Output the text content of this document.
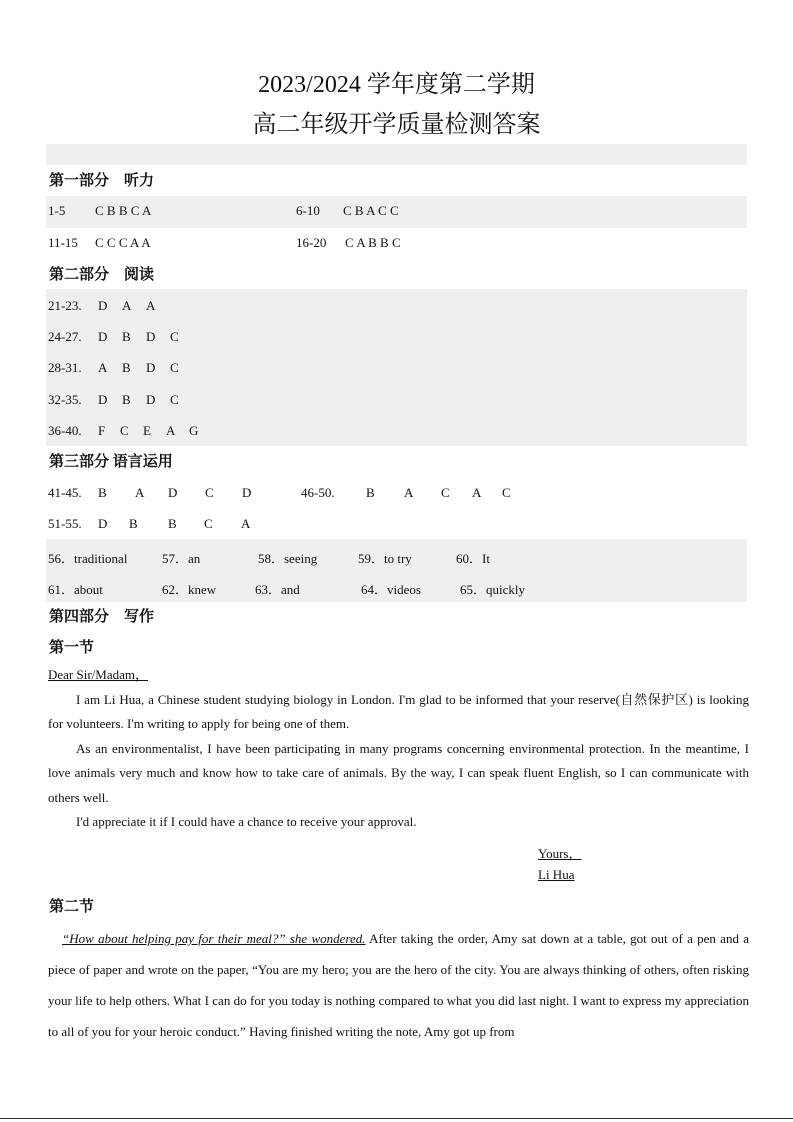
2023/2024 学年度第二学期
高二年级开学质量检测答案
第一部分　听力
1-5 C B B C A	6-10 C B A C C
11-15 C C C A A	16-20 C A B B C
第二部分　阅读
21-23. D A A
24-27. D B D C
28-31. A B D C
32-35. D B D C
36-40. F C E A G
第三部分 语言运用
41-45. B A D C D	46-50. B A C A C
51-55. D B B C A
56．traditional	57．an	58．seeing	59．to try	60．It
61．about	62．knew	63．and	64．videos	65．quickly
第四部分　写作
第一节

Dear Sir/Madam，

I am Li Hua, a Chinese student studying biology in London. I'm glad to be informed that your reserve(自然保护区) is looking for volunteers. I'm writing to apply for being one of them.

As an environmentalist, I have been participating in many programs concerning environmental protection. In the meantime, I love animals very much and know how to take care of animals. By the way, I can speak fluent English, so I can communicate with others well.

I'd appreciate it if I could have a chance to receive your approval.

Yours，
Li Hua
第二节
“How about helping pay for their meal?” she wondered. After taking the order, Amy sat down at a table, got out of a pen and a piece of paper and wrote on the paper, “You are my hero; you are the hero of the city. You are always thinking of others, often risking your life to help others. What I can do for you today is nothing compared to what you did last night. I want to express my appreciation to all of you for your heroic conduct.” Having finished writing the note, Amy got up from
